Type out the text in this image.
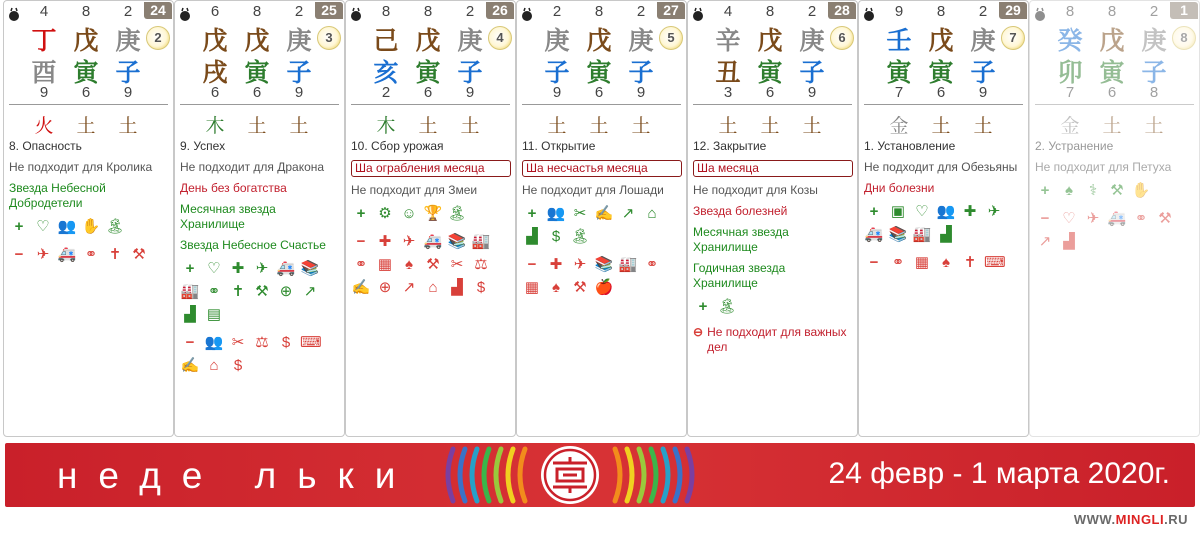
24
2
4	8	2
丁 戊 庚
酉 寅 子
9	6	9
火	土	土
8. Опасность
Не подходит для Кролика
Звезда Небесной Добродетели
+ ♡ 👥 ✋ 🏝
− ✈ 🚑 ⚭ ✝ ⚒
25
3
6	8	2
戊 戊 庚
戌 寅 子
6	6	9
木	土	土
9. Успех
Не подходит для Дракона
День без богатства
Месячная звезда Хранилище
Звезда Небесное Счастье
+ ♡ ✚ ✈ 🚑 📚
🏭 ⚭ ✝ ⚒ ⊕ ↗
▟ ▤
− 👥 ✂ ⚖ $ ⌨
✍ ⌂	$
26
4
8	8	2
己 戊 庚
亥 寅 子
2	6	9
木	土	土
10. Сбор урожая
Ша ограбления месяца
Не подходит для Змеи
+ ⚙ ☺ 🏆 🏝
− ✚ ✈ 🚑 📚 🏭
⚭ ▦ ♠ ⚒ ✂ ⚖
✍ ⊕ ↗ ⌂ ▟ $
27
5
2	8	2
庚 戊 庚
子 寅 子
9	6	9
土	土	土
11. Открытие
Ша несчастья месяца
Не подходит для Лошади
+ 👥 ✂ ✍ ↗ ⌂
▟ $ 🏝
− ✚ ✈ 📚 🏭 ⚭
▦ ♠ ⚒ 🍎
28
6
4	8	2
辛 戊 庚
丑 寅 子
3	6	9
土	土	土
12. Закрытие
Ша месяца
Не подходит для Козы
Звезда болезней
Месячная звезда Хранилище
Годичная звезда Хранилище
+ 🏝
⊖ Не подходит для важных дел
29
7
9	8	2
壬 戊 庚
寅 寅 子
7	6	9
金	土	土
1. Установление
Не подходит для Обезьяны
Дни болезни
+ ▣ ♡ 👥 ✚ ✈
🚑 📚 🏭 ▟
− ⚭ ▦ ♠ ✝ ⌨
1
8
8	8	2
癸 戊 庚
卯 寅 子
7	6	8
金	土	土
2. Устранение
Не подходит для Петуха
+	♠	⚕ ⚒ ✋
− ♡ ✈ 🚑 ⚭ ⚒
↗ ▟
неде льки	24 февр - 1 марта 2020г.
WWW.MINGLI.RU
